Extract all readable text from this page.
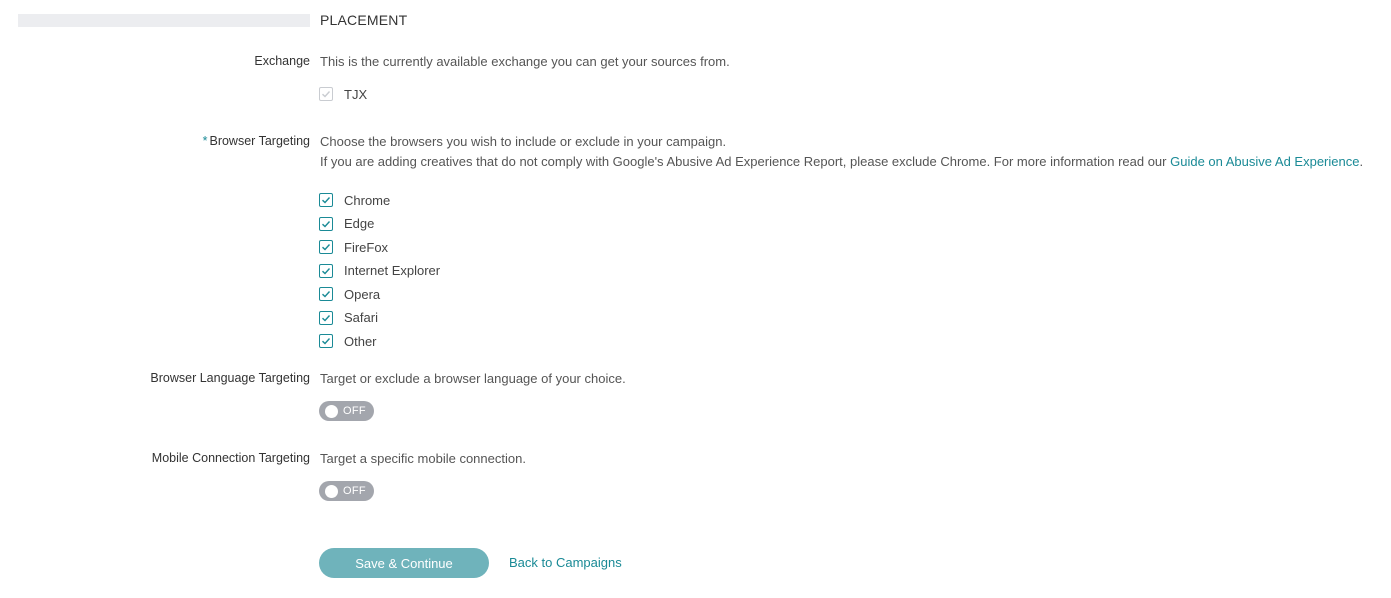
PLACEMENT
Exchange This is the currently available exchange you can get your sources from.
TJX
* Browser Targeting Choose the browsers you wish to include or exclude in your campaign.
If you are adding creatives that do not comply with Google's Abusive Ad Experience Report, please exclude Chrome. For more information read our Guide on Abusive Ad Experience.
Chrome
Edge
FireFox
Internet Explorer
Opera
Safari
Other
Browser Language Targeting Target or exclude a browser language of your choice.
OFF
Mobile Connection Targeting Target a specific mobile connection.
OFF
Save & Continue	Back to Campaigns
